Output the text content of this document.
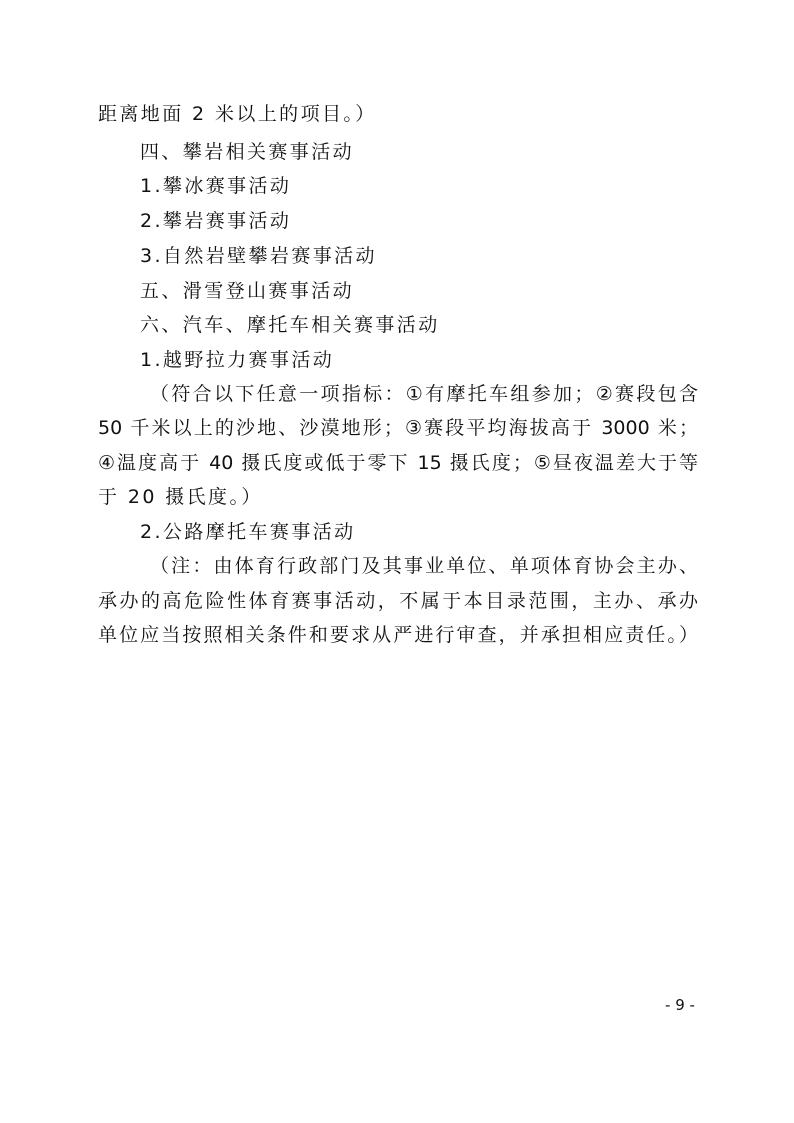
距离地面 2 米以上的项目。）
四、攀岩相关赛事活动
1.攀冰赛事活动
2.攀岩赛事活动
3.自然岩壁攀岩赛事活动
五、滑雪登山赛事活动
六、汽车、摩托车相关赛事活动
1.越野拉力赛事活动
（符合以下任意一项指标：①有摩托车组参加；②赛段包含
50 千米以上的沙地、沙漠地形；③赛段平均海拔高于 3000 米；
④温度高于 40 摄氏度或低于零下 15 摄氏度；⑤昼夜温差大于等
于 20 摄氏度。）
2.公路摩托车赛事活动
（注：由体育行政部门及其事业单位、单项体育协会主办、
承办的高危险性体育赛事活动，不属于本目录范围，主办、承办
单位应当按照相关条件和要求从严进行审查，并承担相应责任。）
- 9 -
